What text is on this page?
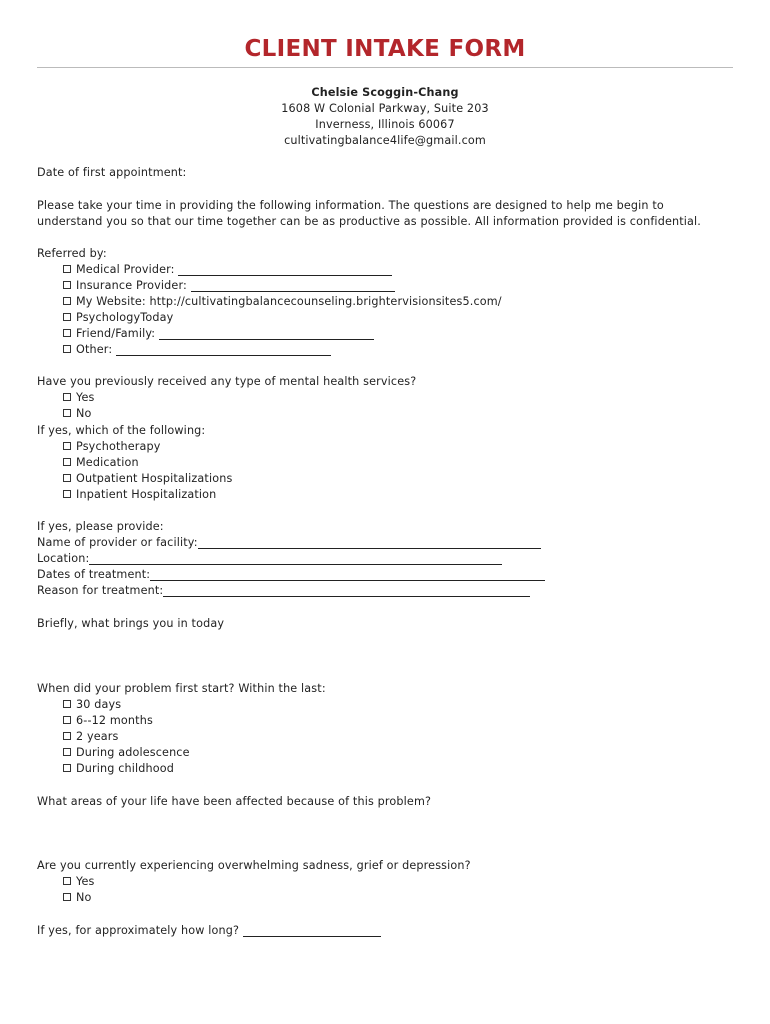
CLIENT INTAKE FORM
Chelsie Scoggin-Chang
1608 W Colonial Parkway, Suite 203
Inverness, Illinois 60067
cultivatingbalance4life@gmail.com
Date of first appointment:
Please take your time in providing the following information. The questions are designed to help me begin to
understand you so that our time together can be as productive as possible. All information provided is confidential.
Referred by:
Medical Provider:
Insurance Provider:
My Website: http://cultivatingbalancecounseling.brightervisionsites5.com/
PsychologyToday
Friend/Family:
Other:
Have you previously received any type of mental health services?
Yes
No
If yes, which of the following:
Psychotherapy
Medication
Outpatient Hospitalizations
Inpatient Hospitalization
If yes, please provide:
Name of provider or facility:
Location:
Dates of treatment:
Reason for treatment:
Briefly, what brings you in today
When did your problem first start? Within the last:
30 days
6--12 months
2 years
During adolescence
During childhood
What areas of your life have been affected because of this problem?
Are you currently experiencing overwhelming sadness, grief or depression?
Yes
No
If yes, for approximately how long?
